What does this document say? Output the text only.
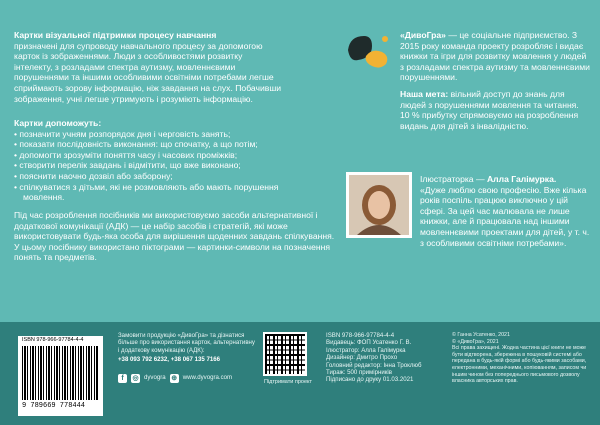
Картки візуальної підтримки процесу навчання
призначені для супроводу навчального процесу за допомогою карток із зображеннями. Люди з особливостями розвитку інтелекту, з розладами спектра аутизму, мовленнєвими порушеннями та іншими особливими освітніми потребами легше сприймають зорову інформацію, ніж завдання на слух. Побачивши зображення, учні легше утримують і розуміють інформацію.
Картки допоможуть:
• позначити учням розпорядок дня і черговість занять;
• показати послідовність виконання: що спочатку, а що потім;
• допомогти зрозуміти поняття часу і часових проміжків;
• створити перелік завдань і відмітити, що вже виконано;
• пояснити наочно дозвіл або заборону;
• спілкуватися з дітьми, які не розмовляють або мають порушення мовлення.
Під час розроблення посібників ми використовуємо засоби альтернативної і додаткової комунікації (АДК) — це набір засобів і стратегій, які може використовувати будь-яка особа для вирішення щоденних завдань спілкування. У цьому посібнику використано піктограми — картинки-символи на позначення понять та предметів.
«ДивоГра» — це соціальне підприємство. З 2015 року команда проекту розробляє і видає книжки та ігри для розвитку мовлення у людей з розладами спектра аутизму та мовленнєвими порушеннями.
Наша мета: вільний доступ до знань для людей з порушеннями мовлення та читання. 10 % прибутку спрямовуємо на розроблення видань для дітей з інвалідністю.
Ілюстраторка — Алла Галімурка.
«Дуже люблю свою професію. Вже кілька років поспіль працюю виключно у цій сфері. За цей час малювала не лише книжки, але й працювала над іншими мовленнєвими проектами для дітей, у т. ч. з особливими освітніми потребами».
ISBN 978-966-97784-4-4
9 789669 778444
Замовити продукцію «ДивоГра» та дізнатися більше про використання карток, альтернативну і додаткову комунікацію (АДК):
+38 093 792 6232, +38 067 135 7166
f	◎ dyvogra ⊕ www.dyvogra.com
Підтримати проект
ISBN 978-966-97784-4-4
Видавець: ФОП Усатенко Г. В.
Ілюстратор: Алла Галімурка
Дизайнер: Дмитро Прохо
Головний редактор: Інна Троклюб
Тираж: 500 примірників
Підписано до друку 01.03.2021
© Ганна Усатенко, 2021
© «ДивоГра», 2021
Всі права захищені. Жодна частина цієї книги не може бути відтворена, збережена в пошуковій системі або передана в будь-якій формі або будь-якими засобами, електронними, механічними, копіюванням, записом чи іншим чином без попереднього письмового дозволу власника авторських прав.
